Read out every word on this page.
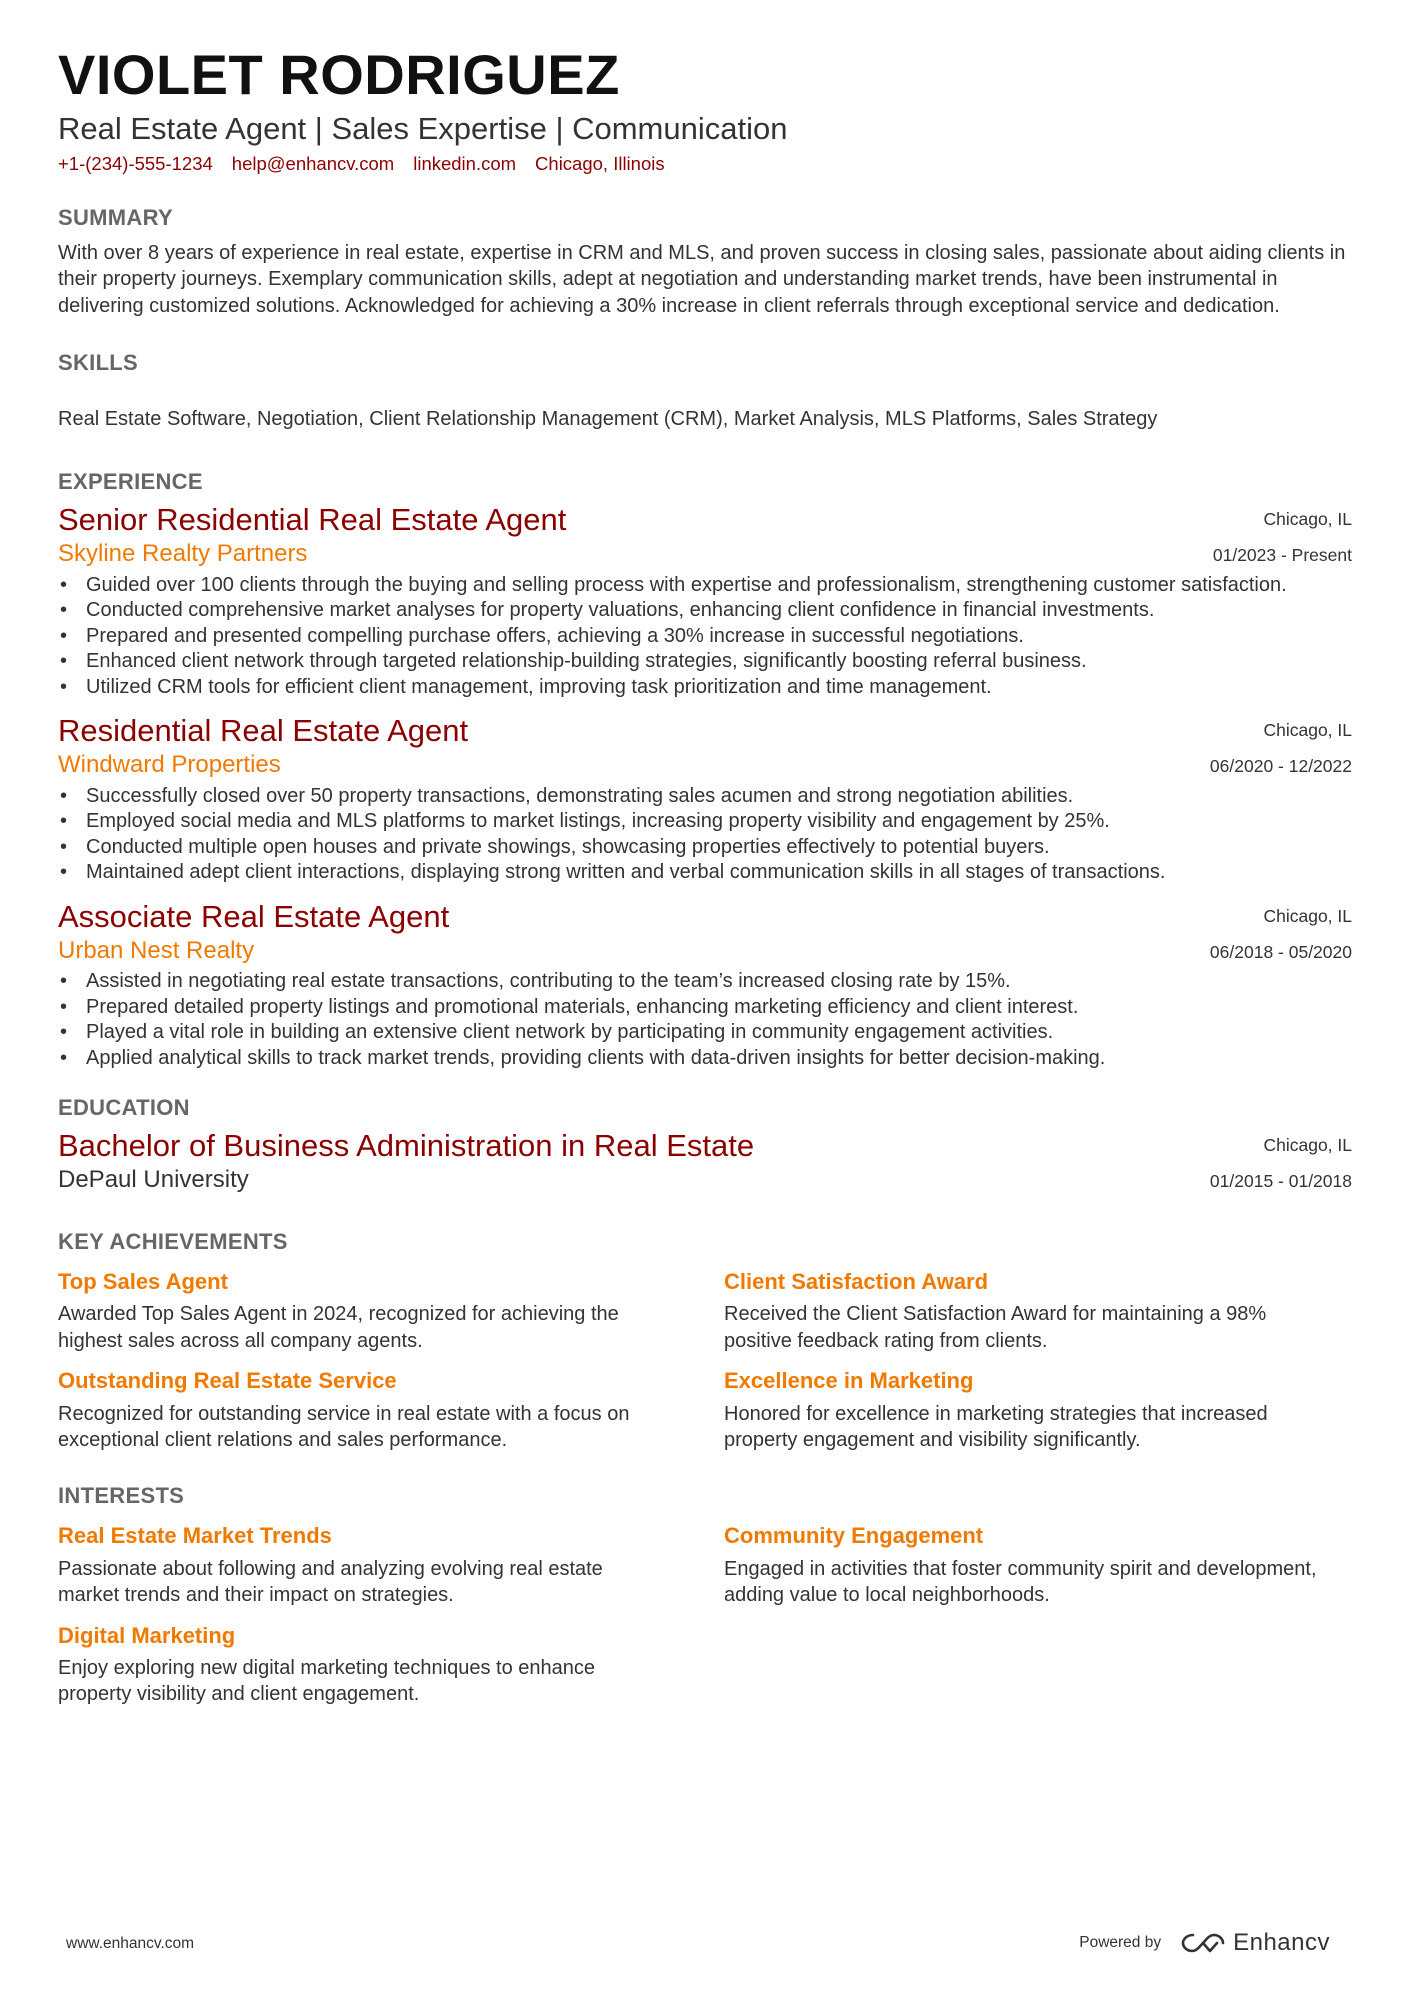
VIOLET RODRIGUEZ
Real Estate Agent | Sales Expertise | Communication
+1-(234)-555-1234 help@enhancv.com linkedin.com Chicago, Illinois
SUMMARY
With over 8 years of experience in real estate, expertise in CRM and MLS, and proven success in closing sales, passionate about aiding clients in their property journeys. Exemplary communication skills, adept at negotiation and understanding market trends, have been instrumental in delivering customized solutions. Acknowledged for achieving a 30% increase in client referrals through exceptional service and dedication.
SKILLS
Real Estate Software, Negotiation, Client Relationship Management (CRM), Market Analysis, MLS Platforms, Sales Strategy
EXPERIENCE
Senior Residential Real Estate Agent
Skyline Realty Partners
Chicago, IL
01/2023 - Present
• Guided over 100 clients through the buying and selling process with expertise and professionalism, strengthening customer satisfaction.
• Conducted comprehensive market analyses for property valuations, enhancing client confidence in financial investments.
• Prepared and presented compelling purchase offers, achieving a 30% increase in successful negotiations.
• Enhanced client network through targeted relationship-building strategies, significantly boosting referral business.
• Utilized CRM tools for efficient client management, improving task prioritization and time management.
Residential Real Estate Agent
Windward Properties
Chicago, IL
06/2020 - 12/2022
• Successfully closed over 50 property transactions, demonstrating sales acumen and strong negotiation abilities.
• Employed social media and MLS platforms to market listings, increasing property visibility and engagement by 25%.
• Conducted multiple open houses and private showings, showcasing properties effectively to potential buyers.
• Maintained adept client interactions, displaying strong written and verbal communication skills in all stages of transactions.
Associate Real Estate Agent
Urban Nest Realty
Chicago, IL
06/2018 - 05/2020
• Assisted in negotiating real estate transactions, contributing to the team’s increased closing rate by 15%.
• Prepared detailed property listings and promotional materials, enhancing marketing efficiency and client interest.
• Played a vital role in building an extensive client network by participating in community engagement activities.
• Applied analytical skills to track market trends, providing clients with data-driven insights for better decision-making.
EDUCATION
Bachelor of Business Administration in Real Estate
DePaul University
Chicago, IL
01/2015 - 01/2018
KEY ACHIEVEMENTS
Top Sales Agent
Awarded Top Sales Agent in 2024, recognized for achieving the highest sales across all company agents.
Client Satisfaction Award
Received the Client Satisfaction Award for maintaining a 98% positive feedback rating from clients.
Outstanding Real Estate Service
Recognized for outstanding service in real estate with a focus on exceptional client relations and sales performance.
Excellence in Marketing
Honored for excellence in marketing strategies that increased property engagement and visibility significantly.
INTERESTS
Real Estate Market Trends
Passionate about following and analyzing evolving real estate market trends and their impact on strategies.
Community Engagement
Engaged in activities that foster community spirit and development, adding value to local neighborhoods.
Digital Marketing
Enjoy exploring new digital marketing techniques to enhance property visibility and client engagement.
www.enhancv.com	Powered by	Enhancv
